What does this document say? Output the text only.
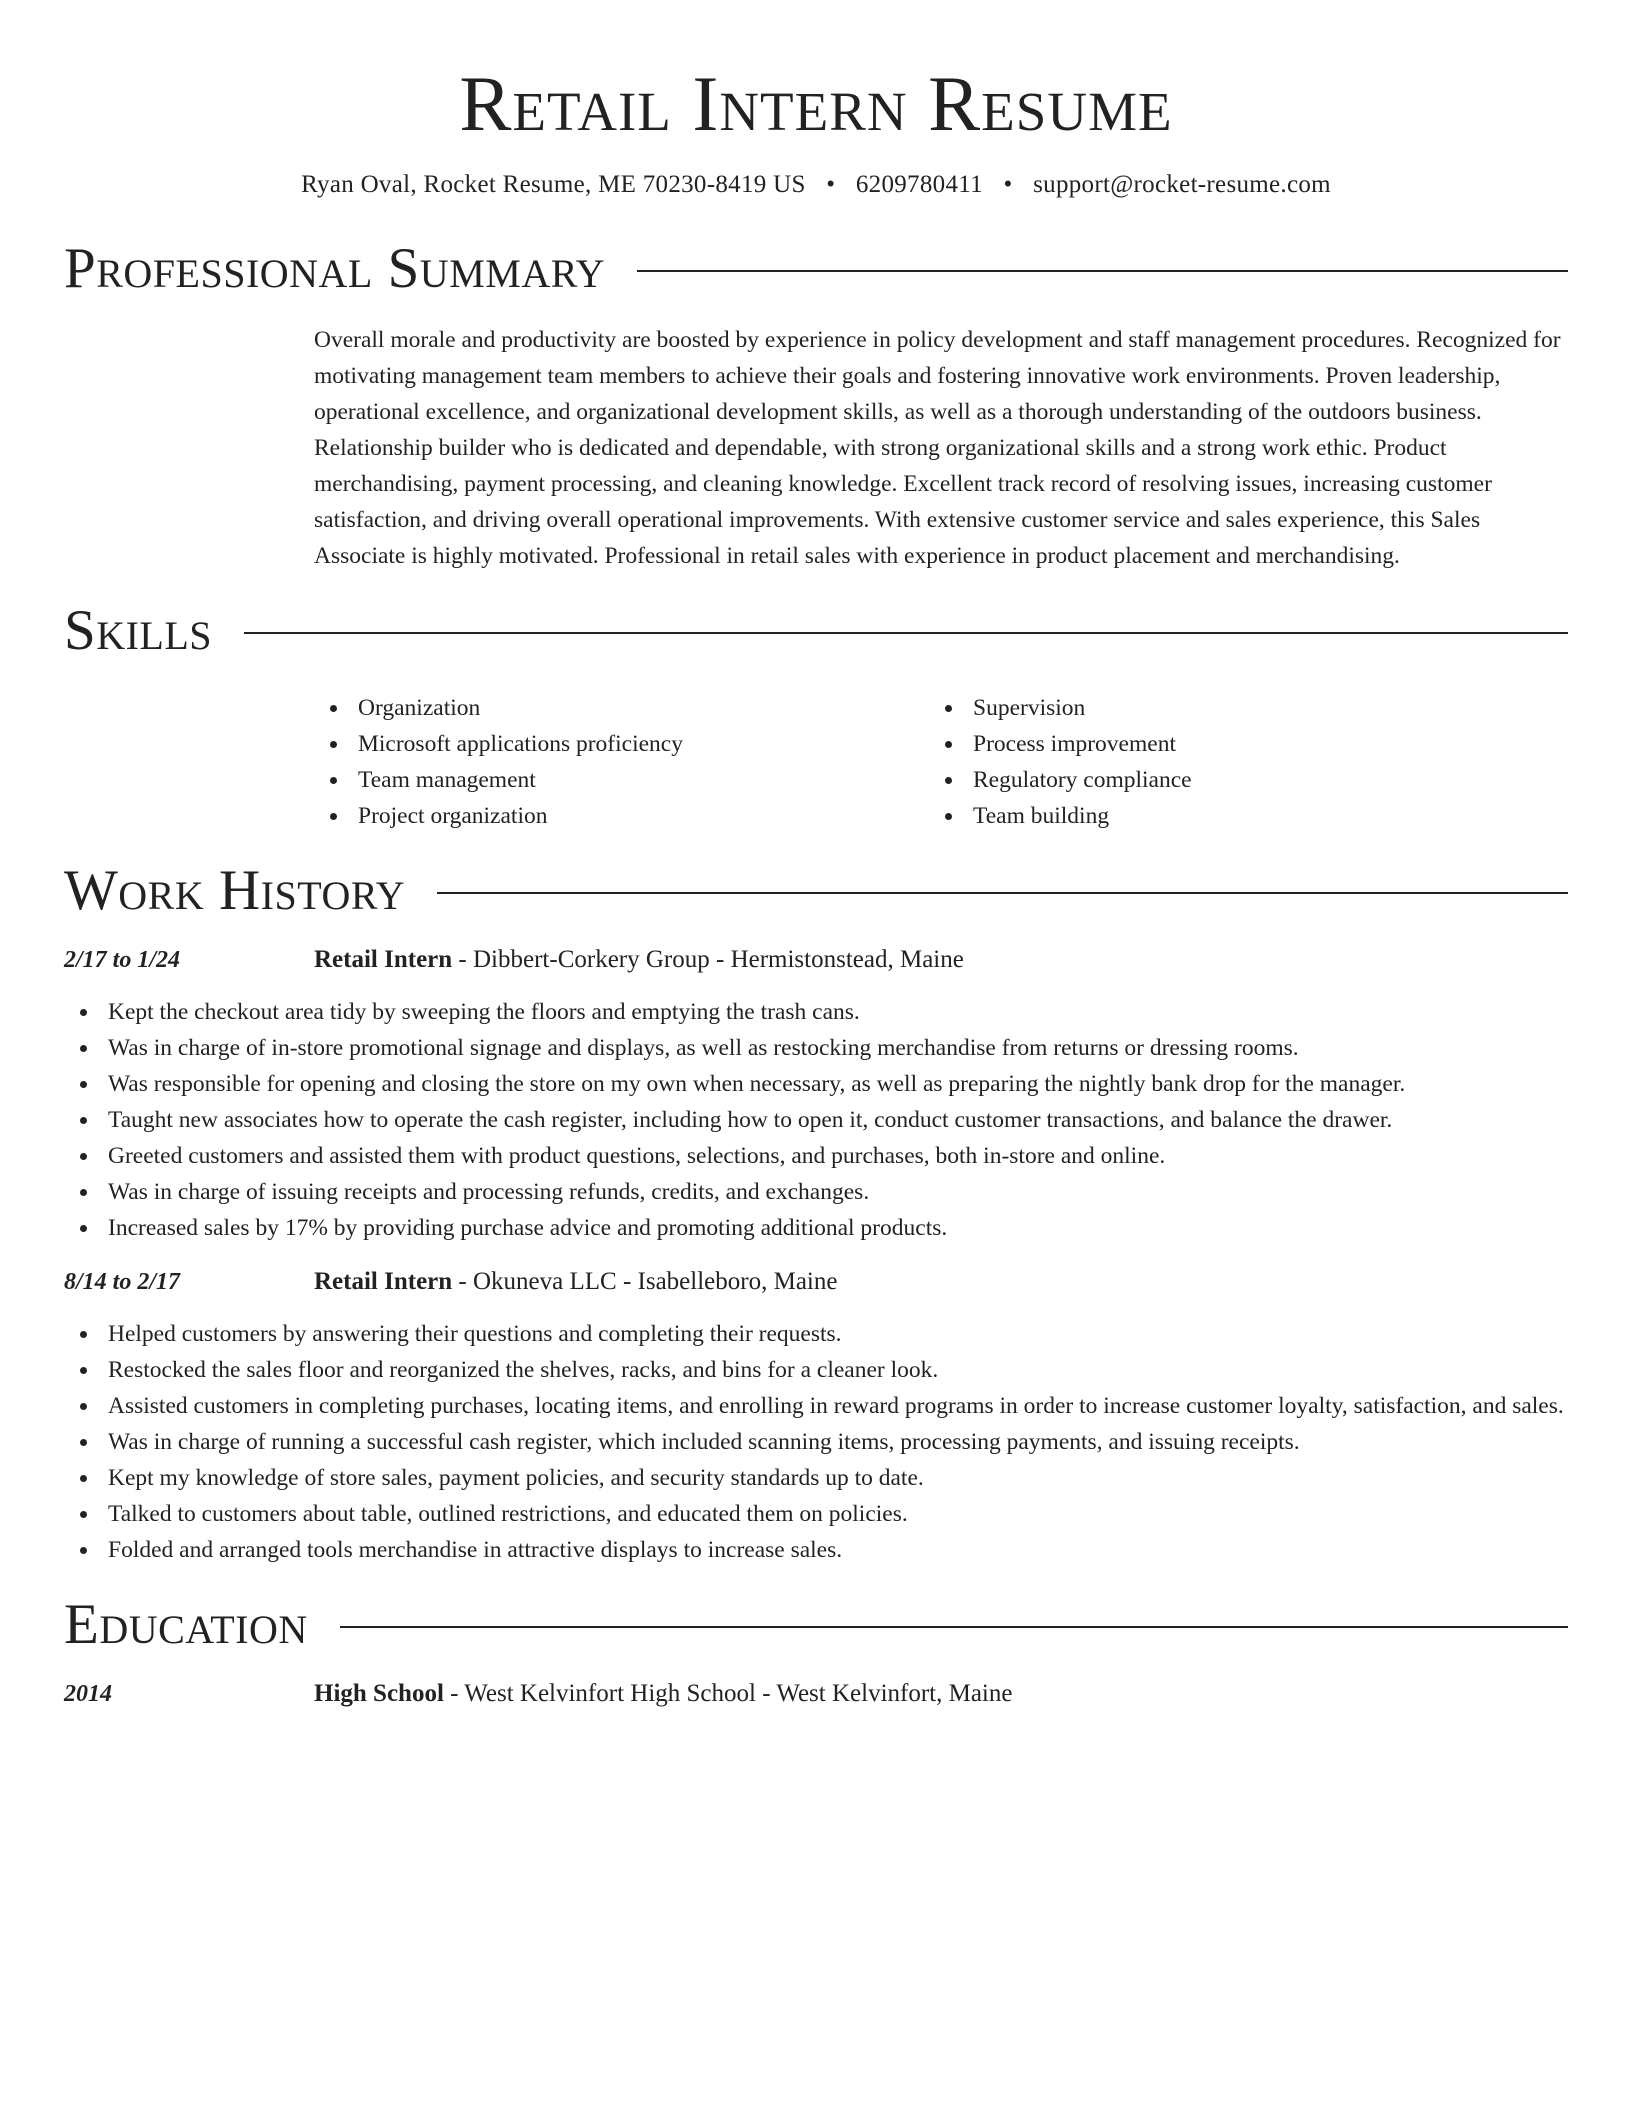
Retail Intern Resume
Ryan Oval, Rocket Resume, ME 70230-8419 US • 6209780411 • support@rocket-resume.com
Professional Summary

Overall morale and productivity are boosted by experience in policy development and staff management procedures. Recognized for motivating management team members to achieve their goals and fostering innovative work environments. Proven leadership, operational excellence, and organizational development skills, as well as a thorough understanding of the outdoors business. Relationship builder who is dedicated and dependable, with strong organizational skills and a strong work ethic. Product merchandising, payment processing, and cleaning knowledge. Excellent track record of resolving issues, increasing customer satisfaction, and driving overall operational improvements. With extensive customer service and sales experience, this Sales Associate is highly motivated. Professional in retail sales with experience in product placement and merchandising.

Skills
Organization
Microsoft applications proficiency
Team management
Project organization
Supervision
Process improvement
Regulatory compliance
Team building
Work History
2/17 to 1/24	Retail Intern - Dibbert-Corkery Group - Hermistonstead, Maine
Kept the checkout area tidy by sweeping the floors and emptying the trash cans.
Was in charge of in-store promotional signage and displays, as well as restocking merchandise from returns or dressing rooms.
Was responsible for opening and closing the store on my own when necessary, as well as preparing the nightly bank drop for the manager.
Taught new associates how to operate the cash register, including how to open it, conduct customer transactions, and balance the drawer.
Greeted customers and assisted them with product questions, selections, and purchases, both in-store and online.
Was in charge of issuing receipts and processing refunds, credits, and exchanges.
Increased sales by 17% by providing purchase advice and promoting additional products.
8/14 to 2/17	Retail Intern - Okuneva LLC - Isabelleboro, Maine
Helped customers by answering their questions and completing their requests.
Restocked the sales floor and reorganized the shelves, racks, and bins for a cleaner look.
Assisted customers in completing purchases, locating items, and enrolling in reward programs in order to increase customer loyalty, satisfaction, and sales.
Was in charge of running a successful cash register, which included scanning items, processing payments, and issuing receipts.
Kept my knowledge of store sales, payment policies, and security standards up to date.
Talked to customers about table, outlined restrictions, and educated them on policies.
Folded and arranged tools merchandise in attractive displays to increase sales.
Education
2014	High School - West Kelvinfort High School - West Kelvinfort, Maine
